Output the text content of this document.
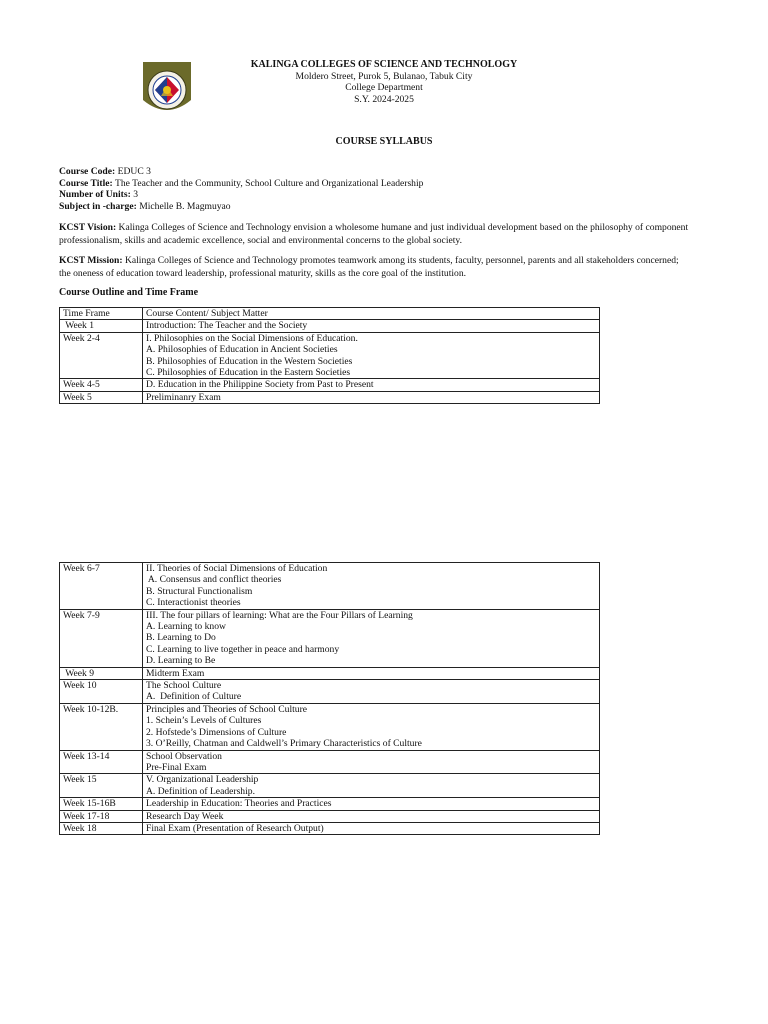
KALINGA COLLEGES OF SCIENCE AND TECHNOLOGY
Moldero Street, Purok 5, Bulanao, Tabuk City
College Department
S.Y. 2024-2025
COURSE SYLLABUS
Course Code: EDUC 3
Course Title: The Teacher and the Community, School Culture and Organizational Leadership
Number of Units: 3
Subject in -charge: Michelle B. Magmuyao
KCST Vision: Kalinga Colleges of Science and Technology envision a wholesome humane and just individual development based on the philosophy of component
professionalism, skills and academic excellence, social and environmental concerns to the global society.
KCST Mission: Kalinga Colleges of Science and Technology promotes teamwork among its students, faculty, personnel, parents and all stakeholders concerned;
the oneness of education toward leadership, professional maturity, skills as the core goal of the institution.
Course Outline and Time Frame
Time Frame	Course Content/ Subject Matter
Week 1	Introduction: The Teacher and the Society

Week 2-4	I. Philosophies on the Social Dimensions of Education.
A. Philosophies of Education in Ancient Societies
B. Philosophies of Education in the Western Societies
C. Philosophies of Education in the Eastern Societies

Week 4-5	D. Education in the Philippine Society from Past to Present

Week 5	Preliminanry Exam
Week 6-7	II. Theories of Social Dimensions of Education
A. Consensus and conflict theories
B. Structural Functionalism
C. Interactionist theories

Week 7-9	III. The four pillars of learning: What are the Four Pillars of Learning
A. Learning to know
B. Learning to Do
C. Learning to live together in peace and harmony
D. Learning to Be

Week 9	Midterm Exam

Week 10	The School Culture
A.  Definition of Culture

Week 10-12B.	Principles and Theories of School Culture
1. Schein’s Levels of Cultures
2. Hofstede’s Dimensions of Culture
3. O’Reilly, Chatman and Caldwell’s Primary Characteristics of Culture

Week 13-14	School Observation
Pre-Final Exam

Week 15	V. Organizational Leadership
A. Definition of Leadership.

Week 15-16B	Leadership in Education: Theories and Practices

Week 17-18	Research Day Week

Week 18	Final Exam (Presentation of Research Output)
